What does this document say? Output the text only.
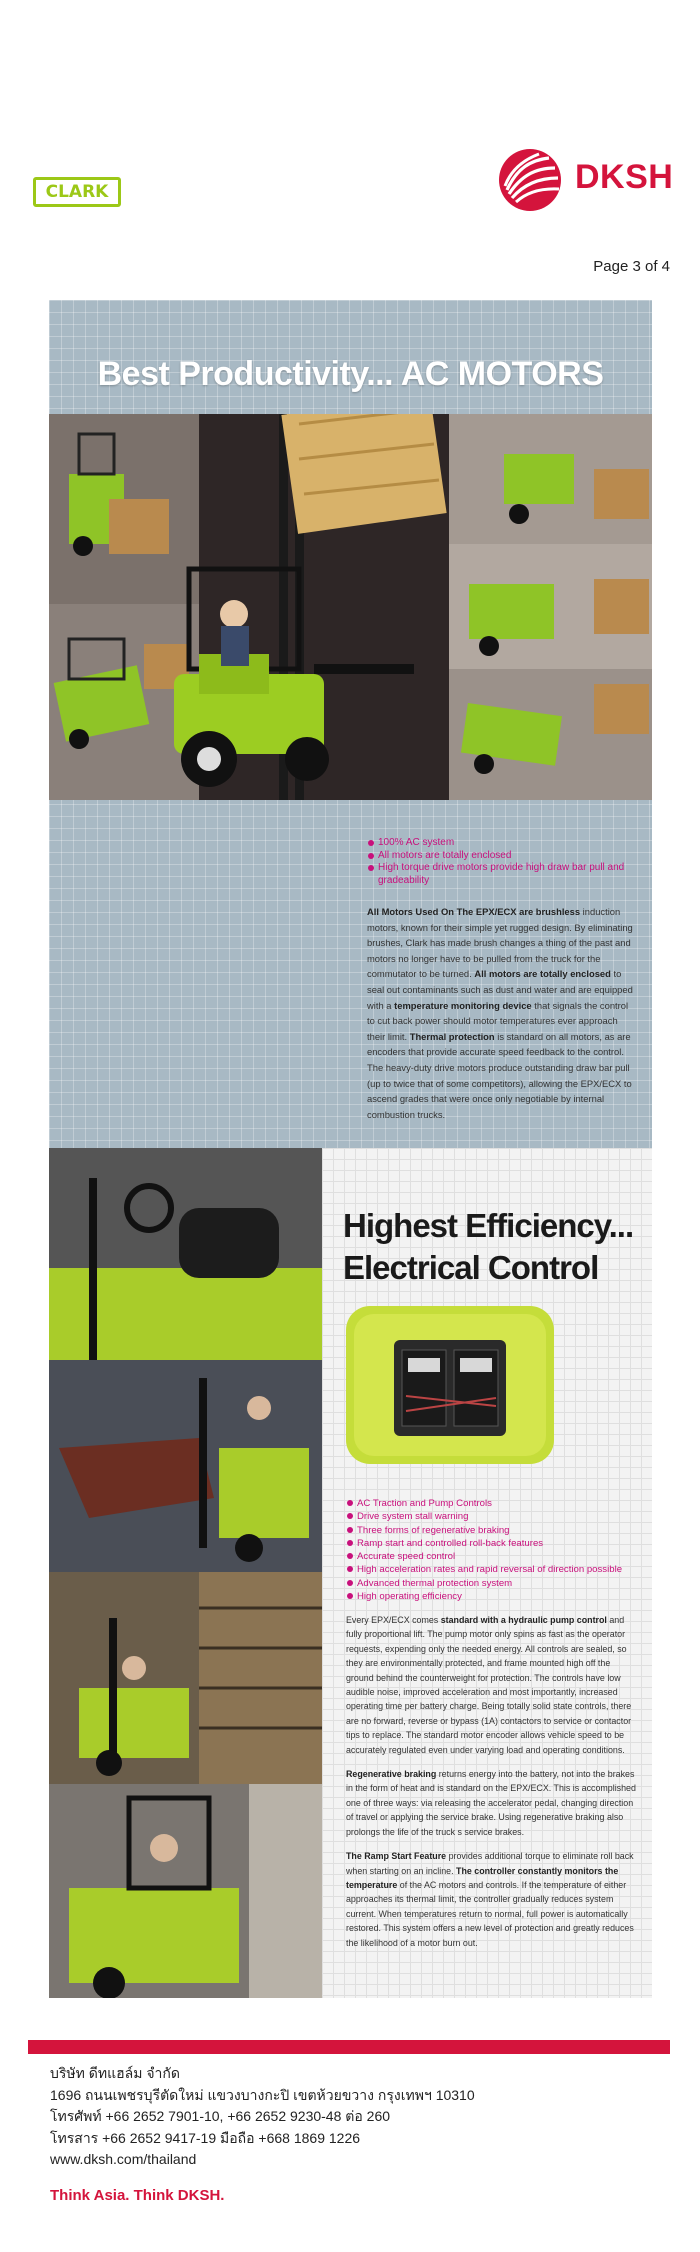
CLARK	DKSH
Page 3 of 4
Best Productivity... AC MOTORS
100% AC system
All motors are totally enclosed
High torque drive motors provide high draw bar pull and gradeability

All Motors Used On The EPX/ECX are brushless induction motors, known for their simple yet rugged design. By eliminating brushes, Clark has made brush changes a thing of the past and motors no longer have to be pulled from the truck for the commutator to be turned. All motors are totally enclosed to seal out contaminants such as dust and water and are equipped with a temperature monitoring device that signals the control to cut back power should motor temperatures ever approach their limit. Thermal protection is standard on all motors, as are encoders that provide accurate speed feedback to the control. The heavy-duty drive motors produce outstanding draw bar pull (up to twice that of some competitors), allowing the EPX/ECX to ascend grades that were once only negotiable by internal combustion trucks.

Highest Efficiency...
Electrical Control
AC Traction and Pump Controls
Drive system stall warning
Three forms of regenerative braking
Ramp start and controlled roll-back features
Accurate speed control
High acceleration rates and rapid reversal of direction possible
Advanced thermal protection system
High operating efficiency

Every EPX/ECX comes standard with a hydraulic pump control and fully proportional lift. The pump motor only spins as fast as the operator requests, expending only the needed energy. All controls are sealed, so they are environmentally protected, and frame mounted high off the ground behind the counterweight for protection. The controls have low audible noise, improved acceleration and most importantly, increased operating time per battery charge. Being totally solid state controls, there are no forward, reverse or bypass (1A) contactors to service or contactor tips to replace. The standard motor encoder allows vehicle speed to be accurately regulated even under varying load and operating conditions.

Regenerative braking returns energy into the battery, not into the brakes in the form of heat and is standard on the EPX/ECX. This is accomplished one of three ways: via releasing the accelerator pedal, changing direction of travel or applying the service brake. Using regenerative braking also prolongs the life of the truck s service brakes.

The Ramp Start Feature provides additional torque to eliminate roll back when starting on an incline. The controller constantly monitors the temperature of the AC motors and controls. If the temperature of either approaches its thermal limit, the controller gradually reduces system current. When temperatures return to normal, full power is automatically restored. This system offers a new level of protection and greatly reduces the likelihood of a motor burn out.

บริษัท ดีทแฮล์ม จำกัด
1696 ถนนเพชรบุรีตัดใหม่ แขวงบางกะปิ เขตห้วยขวาง กรุงเทพฯ 10310
โทรศัพท์ +66 2652 7901-10, +66 2652 9230-48 ต่อ 260
โทรสาร +66 2652 9417-19 มือถือ +668 1869 1226
www.dksh.com/thailand
Think Asia. Think DKSH.
